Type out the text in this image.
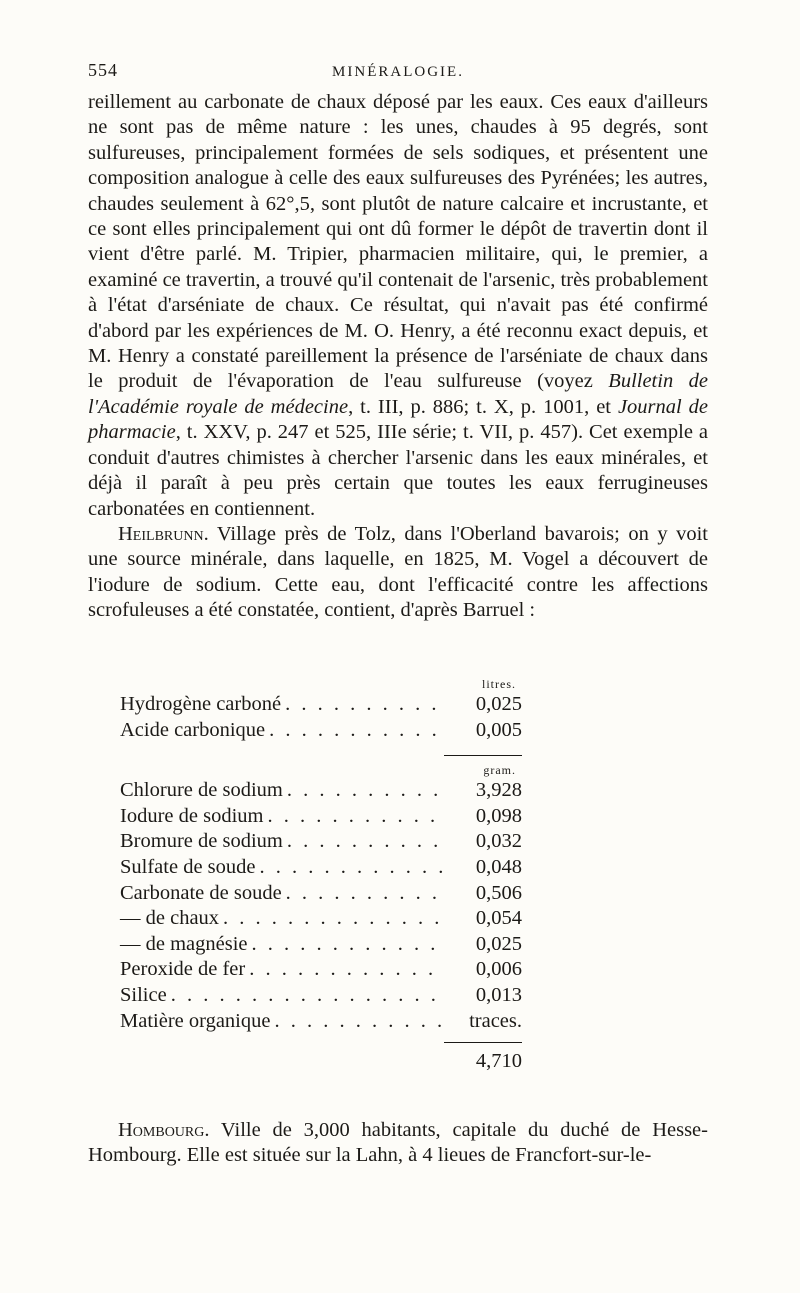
554	MINÉRALOGIE.

reillement au carbonate de chaux déposé par les eaux. Ces eaux d'ailleurs ne sont pas de même nature : les unes, chaudes à 95 degrés, sont sulfureuses, principalement formées de sels sodiques, et présentent une composition analogue à celle des eaux sulfureuses des Pyrénées; les autres, chaudes seulement à 62°,5, sont plutôt de nature calcaire et incrustante, et ce sont elles principalement qui ont dû former le dépôt de travertin dont il vient d'être parlé. M. Tripier, pharmacien militaire, qui, le premier, a examiné ce travertin, a trouvé qu'il contenait de l'arsenic, très probablement à l'état d'arséniate de chaux. Ce résultat, qui n'avait pas été confirmé d'abord par les expériences de M. O. Henry, a été reconnu exact depuis, et M. Henry a constaté pareillement la présence de l'arséniate de chaux dans le produit de l'évaporation de l'eau sulfureuse (voyez Bulletin de l'Académie royale de médecine, t. III, p. 886; t. X, p. 1001, et Journal de pharmacie, t. XXV, p. 247 et 525, IIIe série; t. VII, p. 457). Cet exemple a conduit d'autres chimistes à chercher l'arsenic dans les eaux minérales, et déjà il paraît à peu près certain que toutes les eaux ferrugineuses carbonatées en contiennent.

Heilbrunn. Village près de Tolz, dans l'Oberland bavarois; on y voit une source minérale, dans laquelle, en 1825, M. Vogel a découvert de l'iodure de sodium. Cette eau, dont l'efficacité contre les affections scrofuleuses a été constatée, contient, d'après Barruel :

litres.
Hydrogène carboné . . .	0,025
Acide carbonique . . .	0,005
gram.
Chlorure de sodium . . .	3,928
Iodure de sodium . . .	0,098
Bromure de sodium . . .	0,032
Sulfate de soude . . .	0,048
Carbonate de soude . . .	0,506
— de chaux . . .	0,054
— de magnésie . . .	0,025
Peroxide de fer . . .	0,006
Silice . . .	0,013
Matière organique . . .	traces.
4,710

Hombourg. Ville de 3,000 habitants, capitale du duché de Hesse-Hombourg. Elle est située sur la Lahn, à 4 lieues de Francfort-sur-le-
